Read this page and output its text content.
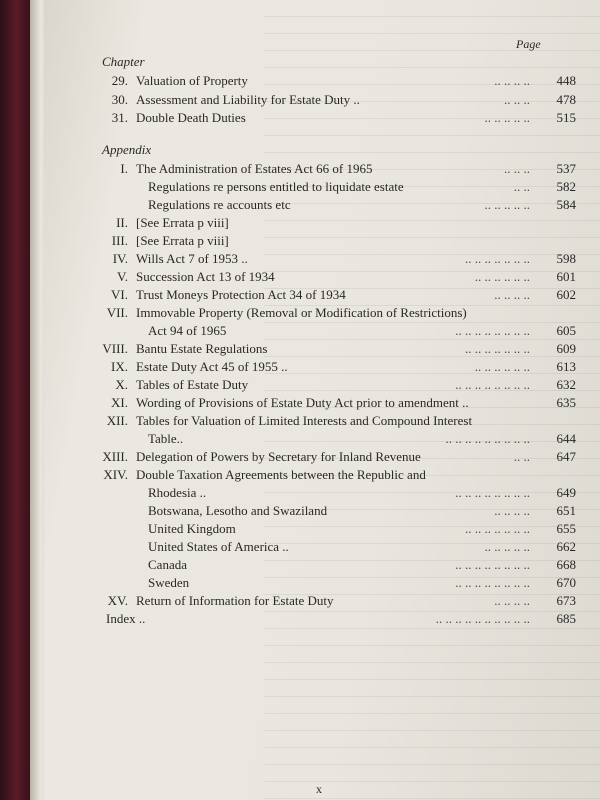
Page
Chapter
29. Valuation of Property	.. .. .. ..	448
30. Assessment and Liability for Estate Duty ..	.. .. ..	478
31. Double Death Duties	.. .. .. .. ..	515
Appendix
I. The Administration of Estates Act 66 of 1965	.. .. ..	537
Regulations re persons entitled to liquidate estate	.. ..	582
Regulations re accounts etc	.. .. .. .. ..	584
II. [See Errata p viii]
III. [See Errata p viii]
IV. Wills Act 7 of 1953 ..	.. .. .. .. .. .. ..	598
V. Succession Act 13 of 1934	.. .. .. .. .. ..	601
VI. Trust Moneys Protection Act 34 of 1934	.. .. .. ..	602
VII. Immovable Property (Removal or Modification of Restrictions)
Act 94 of 1965	.. .. .. .. .. .. .. ..	605
VIII. Bantu Estate Regulations	.. .. .. .. .. .. ..	609
IX. Estate Duty Act 45 of 1955 ..	.. .. .. .. .. ..	613
X. Tables of Estate Duty	.. .. .. .. .. .. .. ..	632
XI. Wording of Provisions of Estate Duty Act prior to amendment ..	635
XII. Tables for Valuation of Limited Interests and Compound Interest
Table..	.. .. .. .. .. .. .. .. ..	644
XIII. Delegation of Powers by Secretary for Inland Revenue	.. ..	647
XIV. Double Taxation Agreements between the Republic and
Rhodesia ..	.. .. .. .. .. .. .. ..	649
Botswana, Lesotho and Swaziland	.. .. .. ..	651
United Kingdom	.. .. .. .. .. .. ..	655
United States of America ..	.. .. .. .. ..	662
Canada	.. .. .. .. .. .. .. ..	668
Sweden	.. .. .. .. .. .. .. ..	670
XV. Return of Information for Estate Duty	.. .. .. ..	673
Index ..	.. .. .. .. .. .. .. .. .. ..	685
x
